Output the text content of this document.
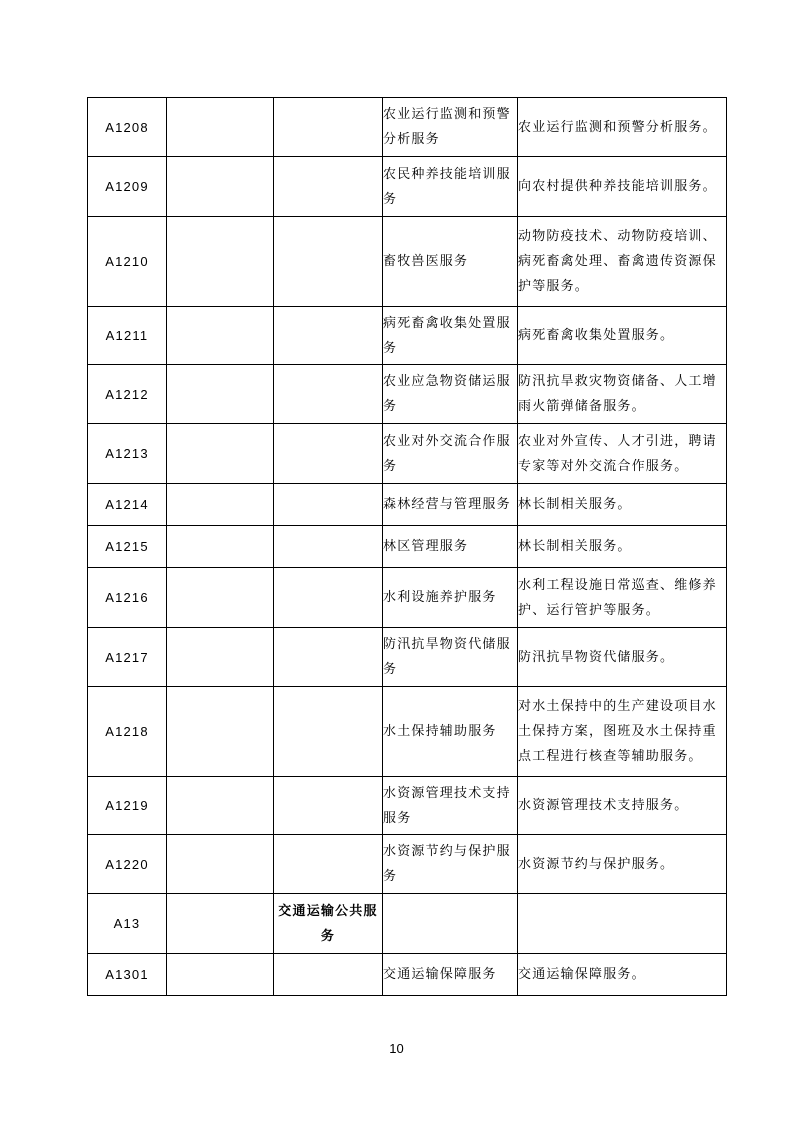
A1208			农业运行监测和预警分析服务	农业运行监测和预警分析服务。
A1209			农民种养技能培训服务	向农村提供种养技能培训服务。
A1210			畜牧兽医服务	动物防疫技术、动物防疫培训、病死畜禽处理、畜禽遗传资源保护等服务。
A1211			病死畜禽收集处置服务	病死畜禽收集处置服务。
A1212			农业应急物资储运服务	防汛抗旱救灾物资储备、人工增雨火箭弹储备服务。
A1213			农业对外交流合作服务	农业对外宣传、人才引进，聘请专家等对外交流合作服务。
A1214			森林经营与管理服务	林长制相关服务。
A1215			林区管理服务	林长制相关服务。
A1216			水利设施养护服务	水利工程设施日常巡查、维修养护、运行管护等服务。
A1217			防汛抗旱物资代储服务	防汛抗旱物资代储服务。
A1218			水土保持辅助服务	对水土保持中的生产建设项目水土保持方案，图班及水土保持重点工程进行核查等辅助服务。
A1219			水资源管理技术支持服务	水资源管理技术支持服务。
A1220			水资源节约与保护服务	水资源节约与保护服务。
A13		交通运输公共服务		
A1301			交通运输保障服务	交通运输保障服务。
10
